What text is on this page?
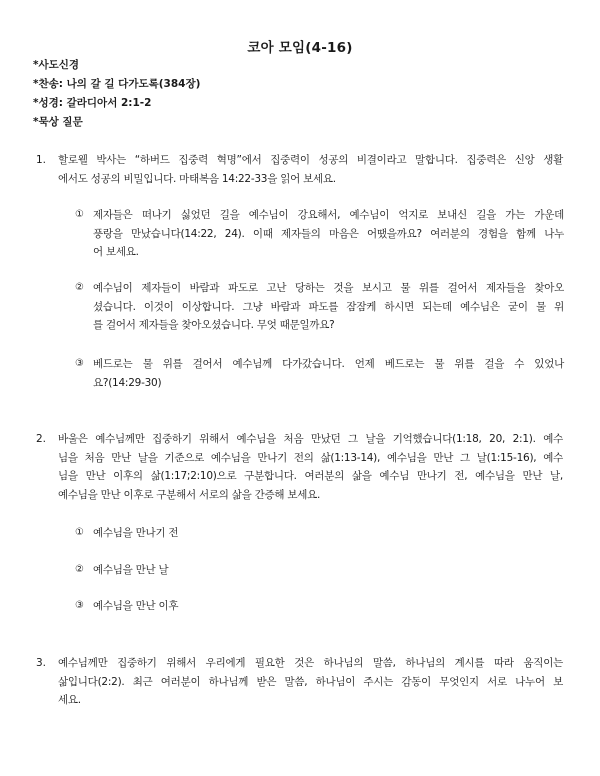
코아 모임(4-16)
*사도신경
*찬송: 나의 갈 길 다가도록(384장)
*성경: 갈라디아서 2:1-2
*묵상 질문
1. 할로웰 박사는 “하버드 집중력 혁명”에서 집중력이 성공의 비결이라고 말합니다. 집중력은 신앙 생활
에서도 성공의 비밀입니다. 마태복음 14:22-33을 읽어 보세요.
① 제자들은 떠나기 싫었던 길을 예수님이 강요해서, 예수님이 억지로 보내신 길을 가는 가운데
풍랑을 만났습니다(14:22, 24). 이때 제자들의 마음은 어땠을까요? 여러분의 경험을 함께 나누
어 보세요.
② 예수님이 제자들이 바람과 파도로 고난 당하는 것을 보시고 물 위를 걸어서 제자들을 찾아오
셨습니다. 이것이 이상합니다. 그냥 바람과 파도를 잠잠케 하시면 되는데 예수님은 굳이 물 위
를 걸어서 제자들을 찾아오셨습니다. 무엇 때문일까요?
③ 베드로는 물 위를 걸어서 예수님께 다가갔습니다. 언제 베드로는 물 위를 걸을 수 있었나
요?(14:29-30)
2. 바울은 예수님께만 집중하기 위해서 예수님을 처음 만났던 그 날을 기억했습니다(1:18, 20, 2:1). 예수
님을 처음 만난 날을 기준으로 예수님을 만나기 전의 삶(1:13-14), 예수님을 만난 그 날(1:15-16), 예수
님을 만난 이후의 삶(1:17;2:10)으로 구분합니다. 여러분의 삶을 예수님 만나기 전, 예수님을 만난 날,
예수님을 만난 이후로 구분해서 서로의 삶을 간증해 보세요.
① 예수님을 만나기 전
② 예수님을 만난 날
③ 예수님을 만난 이후
3. 예수님께만 집중하기 위해서 우리에게 필요한 것은 하나님의 말씀, 하나님의 계시를 따라 움직이는
삶입니다(2:2). 최근 여러분이 하나님께 받은 말씀, 하나님이 주시는 감동이 무엇인지 서로 나누어 보
세요.
